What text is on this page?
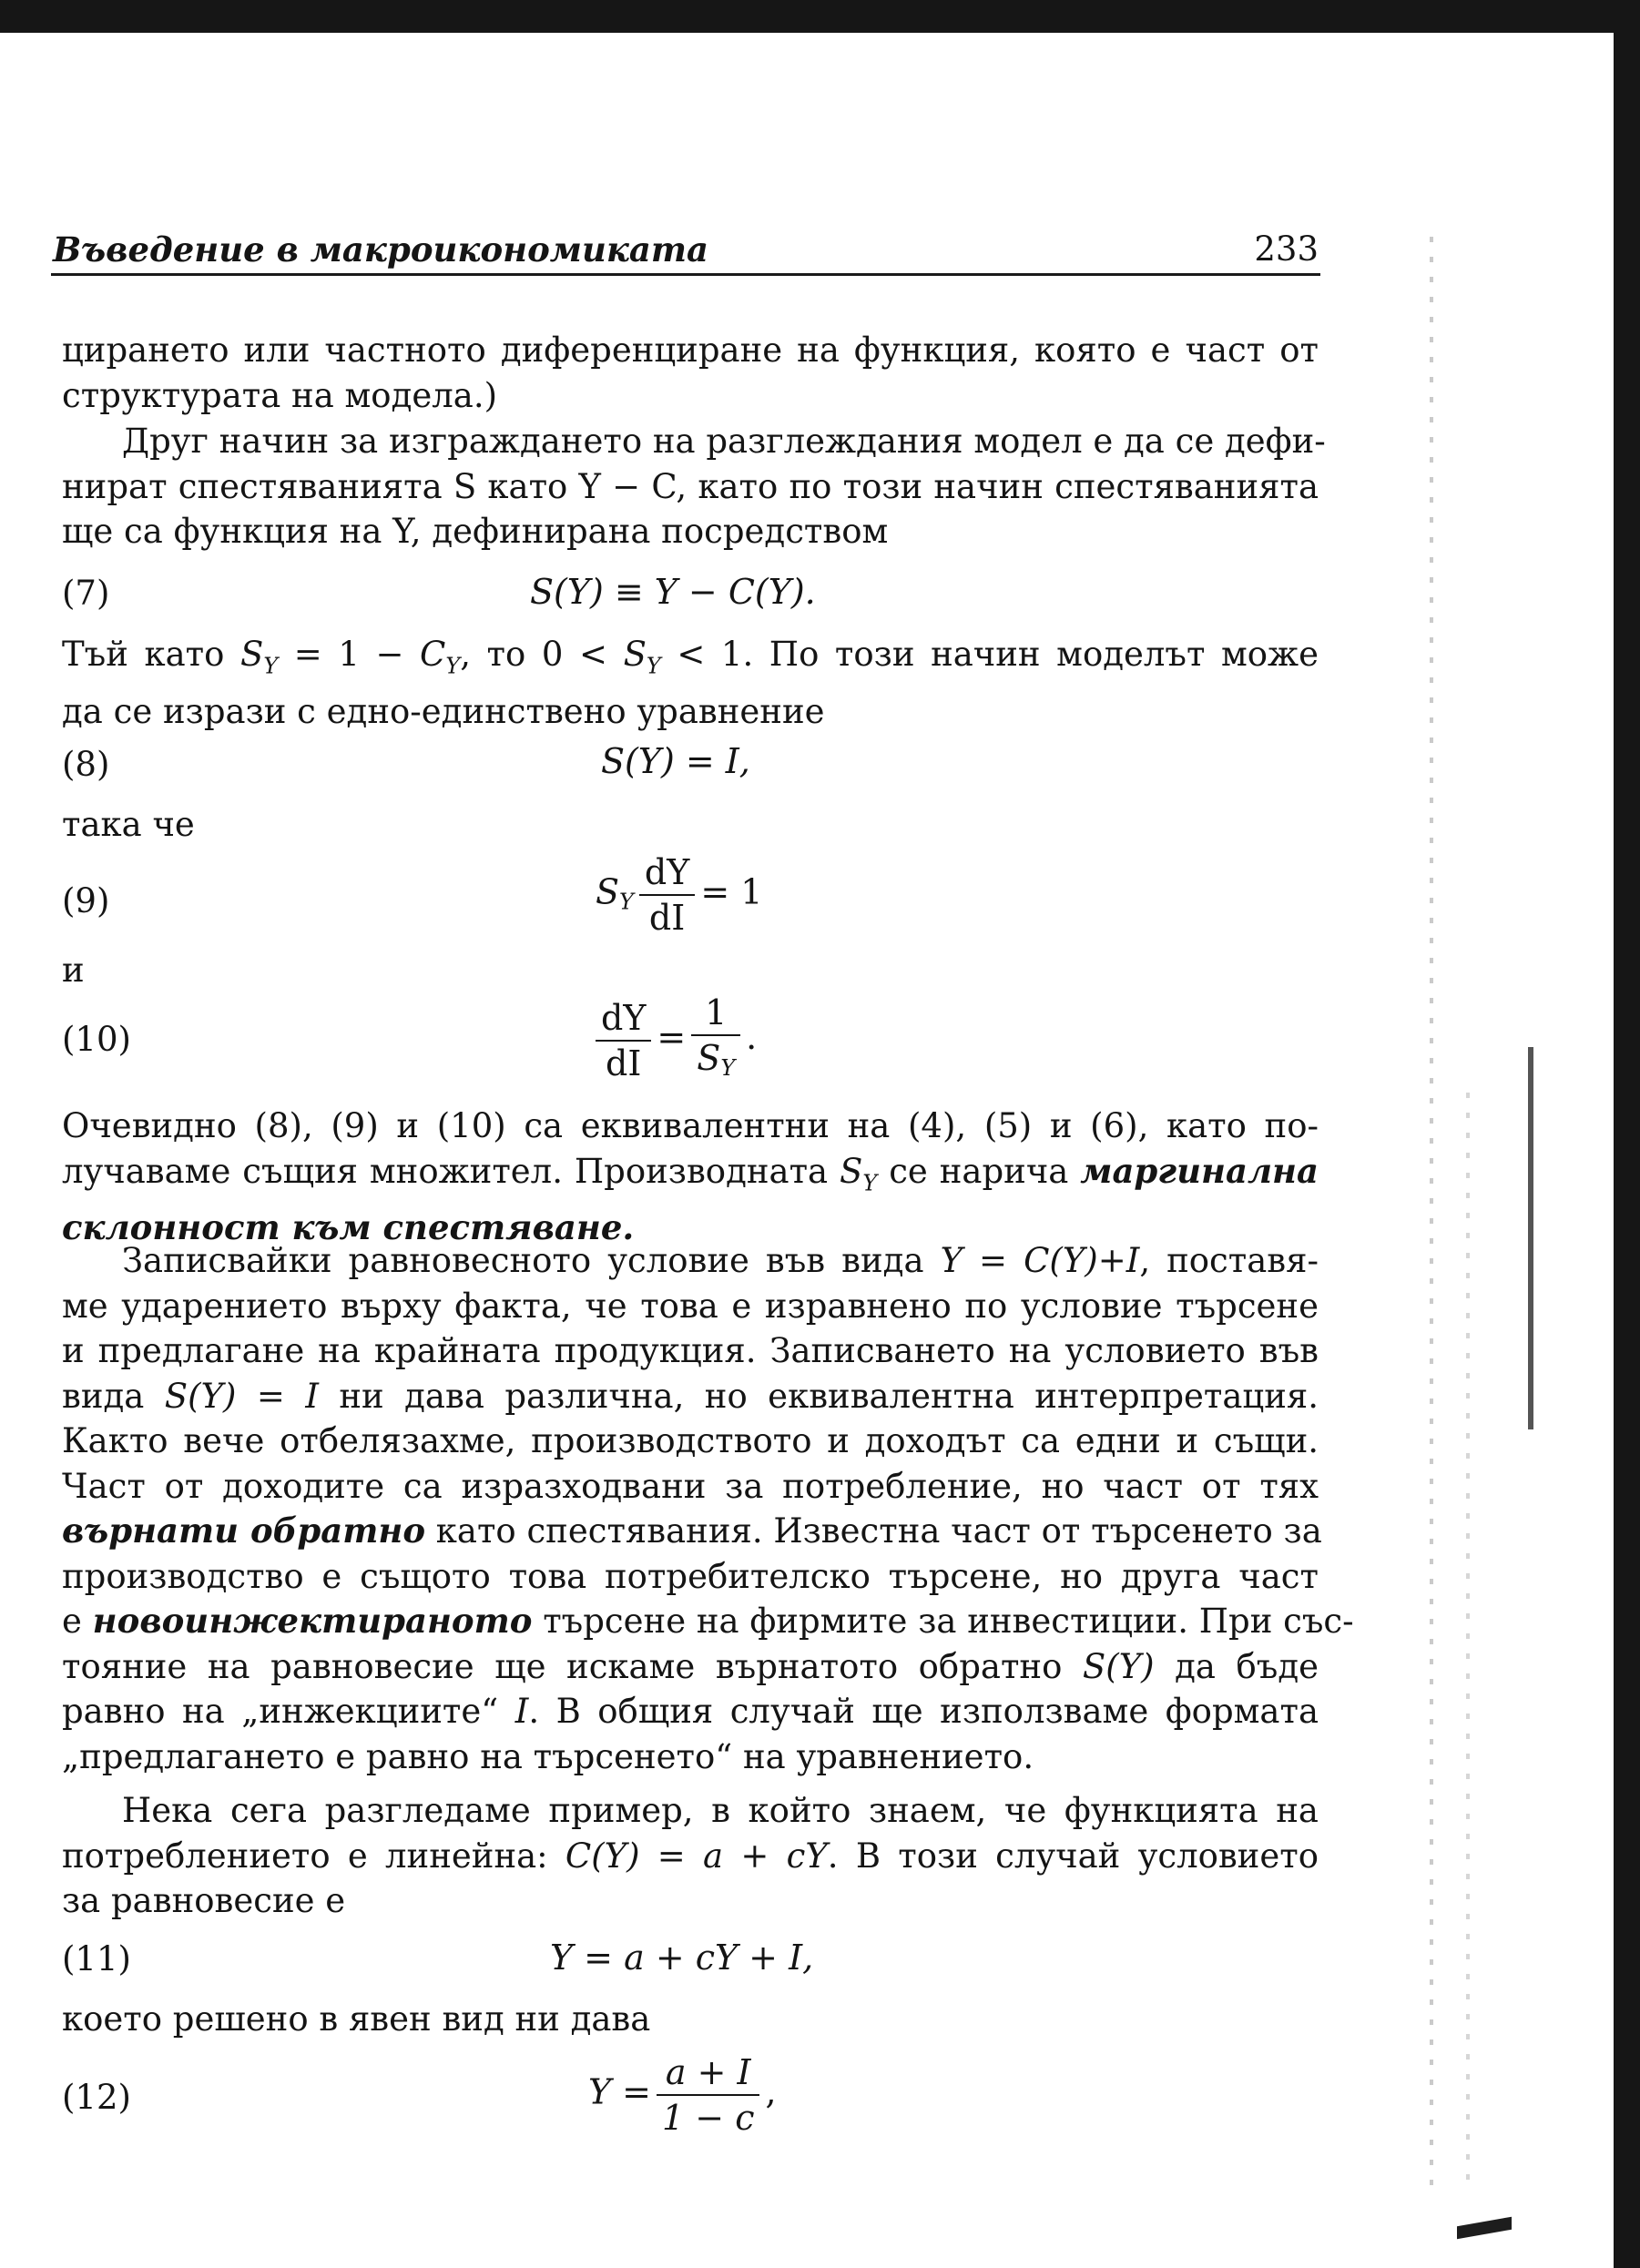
Въведение в макроикономиката	233

цирането или частното диференциране на функция, която е част от
структурата на модела.)

Друг начин за изграждането на разглеждания модел е да се дефи-
нират спестяванията S като Y − C, като по този начин спестяванията
ще са функция на Y, дефинирана посредством

(7)	S(Y) ≡ Y − C(Y).

Тъй като $S_Y = 1 - C_Y$, то $0 < S_Y < 1$. По този начин моделът може
да се изрази с едно-единствено уравнение

(8)	S(Y) = I,
така че
(9)	$S_Y \frac{dY}{dI} = 1$
и
(10)	$\frac{dY}{dI} = \frac{1}{S_Y}$ .

Очевидно (8), (9) и (10) са еквивалентни на (4), (5) и (6), като по-
лучаваме същия множител. Производната $S_Y$ се нарича маргинална
склонност към спестяване.

Записвайки равновесното условие във вида Y = C(Y)+I, поставя-
ме ударението върху факта, че това е изравнено по условие търсене
и предлагане на крайната продукция. Записването на условието във
вида S(Y) = I ни дава различна, но еквивалентна интерпретация.
Както вече отбелязахме, производството и доходът са едни и същи.
Част от доходите са изразходвани за потребление, но част от тях
върнати обратно като спестявания. Известна част от търсенето за
производство е същото това потребителско търсене, но друга част
е новоинжектираното търсене на фирмите за инвестиции. При със-
тояние на равновесие ще искаме върнатото обратно S(Y) да бъде
равно на „инжекциите“ I. В общия случай ще използваме формата
„предлагането е равно на търсенето“ на уравнението.

Нека сега разгледаме пример, в който знаем, че функцията на
потреблението е линейна: C(Y) = a + cY. В този случай условието
за равновесие е

(11)	Y = a + cY + I,
което решено в явен вид ни дава
(12)	$Y = \frac{a + I}{1 - c}$ ,
